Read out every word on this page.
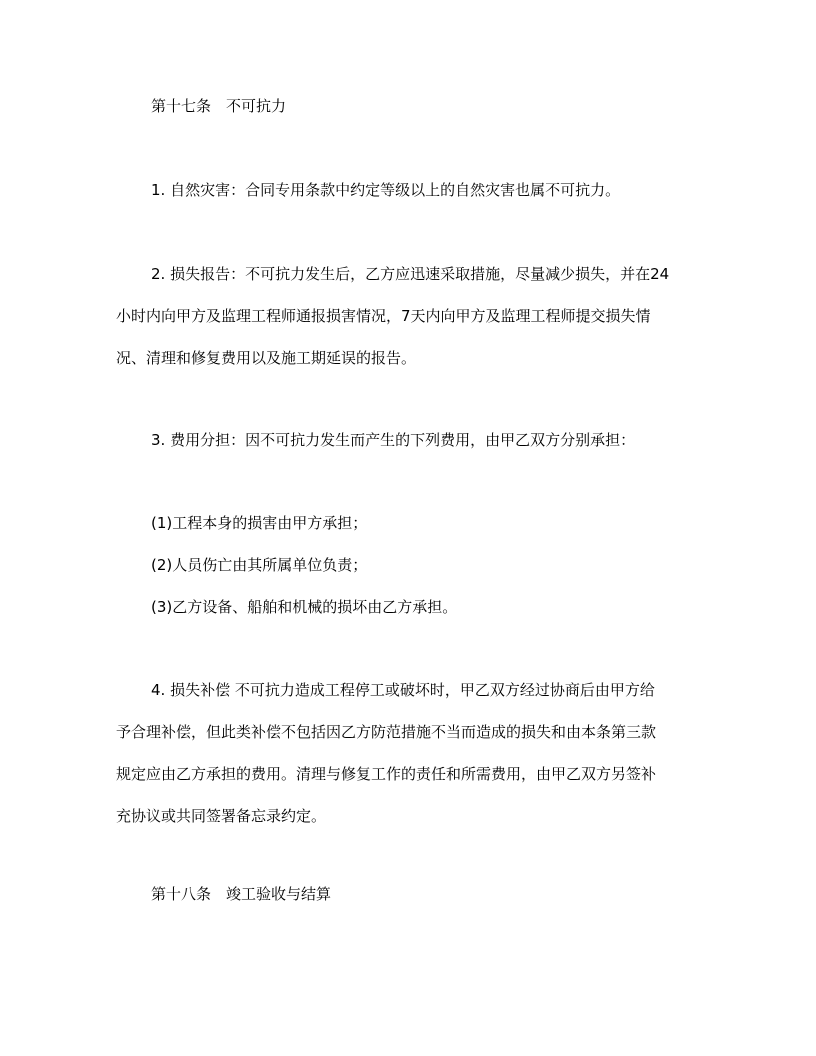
第十七条　不可抗力
1. 自然灾害：合同专用条款中约定等级以上的自然灾害也属不可抗力。
2. 损失报告：不可抗力发生后，乙方应迅速采取措施，尽量减少损失，并在24
小时内向甲方及监理工程师通报损害情况，7天内向甲方及监理工程师提交损失情
况、清理和修复费用以及施工期延误的报告。
3. 费用分担：因不可抗力发生而产生的下列费用，由甲乙双方分别承担：
(1)工程本身的损害由甲方承担；
(2)人员伤亡由其所属单位负责；
(3)乙方设备、船舶和机械的损坏由乙方承担。
4. 损失补偿 不可抗力造成工程停工或破坏时，甲乙双方经过协商后由甲方给
予合理补偿，但此类补偿不包括因乙方防范措施不当而造成的损失和由本条第三款
规定应由乙方承担的费用。清理与修复工作的责任和所需费用，由甲乙双方另签补
充协议或共同签署备忘录约定。
第十八条　竣工验收与结算
